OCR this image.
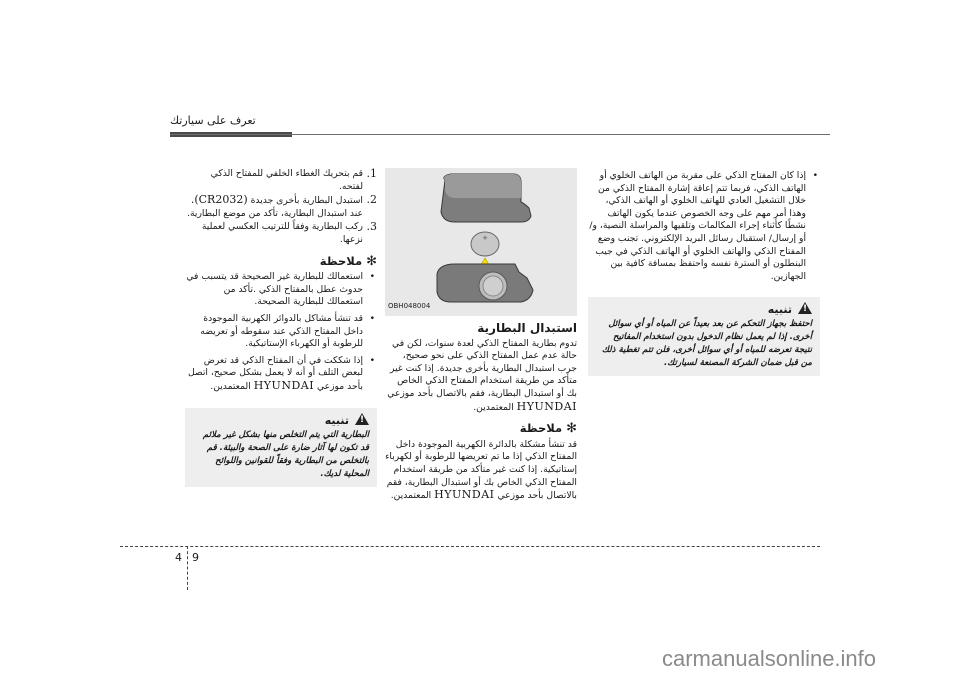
تعرف على سيارتك
• إذا كان المفتاح الذكي على مقربة من الهاتف الخلوي أو الهاتف الذكي، فربما تتم إعاقة إشارة المفتاح الذكي من خلال التشغيل العادي للهاتف الخلوي أو الهاتف الذكي، وهذا أمر مهم على وجه الخصوص عندما يكون الهاتف نشطًا كأثناء إجراء المكالمات وتلقيها والمراسلة النصية، و/ أو إرسال/ استقبال رسائل البريد الإلكتروني. تجنب وضع المفتاح الذكي والهاتف الخلوي أو الهاتف الذكي في جيب البنطلون أو السترة نفسه واحتفظ بمسافة كافية بين الجهازين.
!تنبيه
احتفظ بجهاز التحكم عن بعد بعيداً عن المياه أو أي سوائل أخرى. إذا لم يعمل نظام الدخول بدون استخدام المفاتيح نتيجة تعرضه للمياه أو أي سوائل أخرى، فلن تتم تغطية ذلك من قبل ضمان الشركة المصنعة لسيارتك.
+
OBH048004
استبدال البطارية
تدوم بطارية المفتاح الذكي لعدة سنوات، لكن في حالة عدم عمل المفتاح الذكي على نحو صحيح، جرب استبدال البطارية بأخرى جديدة. إذا كنت غير متأكد من طريقة استخدام المفتاح الذكي الخاص بك أو استبدال البطارية، فقم بالاتصال بأحد موزعي HYUNDAI المعتمدين.
✻ملاحظة
قد تنشأ مشكلة بالدائرة الكهربية الموجودة داخل المفتاح الذكي إذا ما تم تعريضها للرطوبة أو لكهرباء إستاتيكية. إذا كنت غير متأكد من طريقة استخدام المفتاح الذكي الخاص بك أو استبدال البطارية، فقم بالاتصال بأحد موزعي HYUNDAI المعتمدين.
1.
قم بتحريك الغطاء الخلفي للمفتاح الذكي لفتحه.
2.
استبدل البطارية بأخرى جديدة (CR2032).
عند استبدال البطارية، تأكد من موضع البطارية.
3.
ركب البطارية وفقاً للترتيب العكسي لعملية نزعها.
✻ملاحظة
• استعمالك للبطارية غير الصحيحة قد يتسبب في حدوث عطل بالمفتاح الذكي .تأكد من استعمالك للبطارية الصحيحة.
• قد تنشأ مشاكل بالدوائر الكهربية الموجودة داخل المفتاح الذكي عند سقوطه أو تعريضه للرطوبة أو الكهرباء الإستاتيكية.
• إذا شككت في أن المفتاح الذكي قد تعرض لبعض التلف أو أنه لا يعمل بشكل صحيح، اتصل بأحد موزعي HYUNDAI المعتمدين.
!تنبيه
البطارية التي يتم التخلص منها بشكل غير ملائم قد تكون لها آثار ضارة على الصحة والبيئة. قم بالتخلص من البطارية وفقاً للقوانين واللوائح المحلية لديك.
4 9
carmanualsonline.info
